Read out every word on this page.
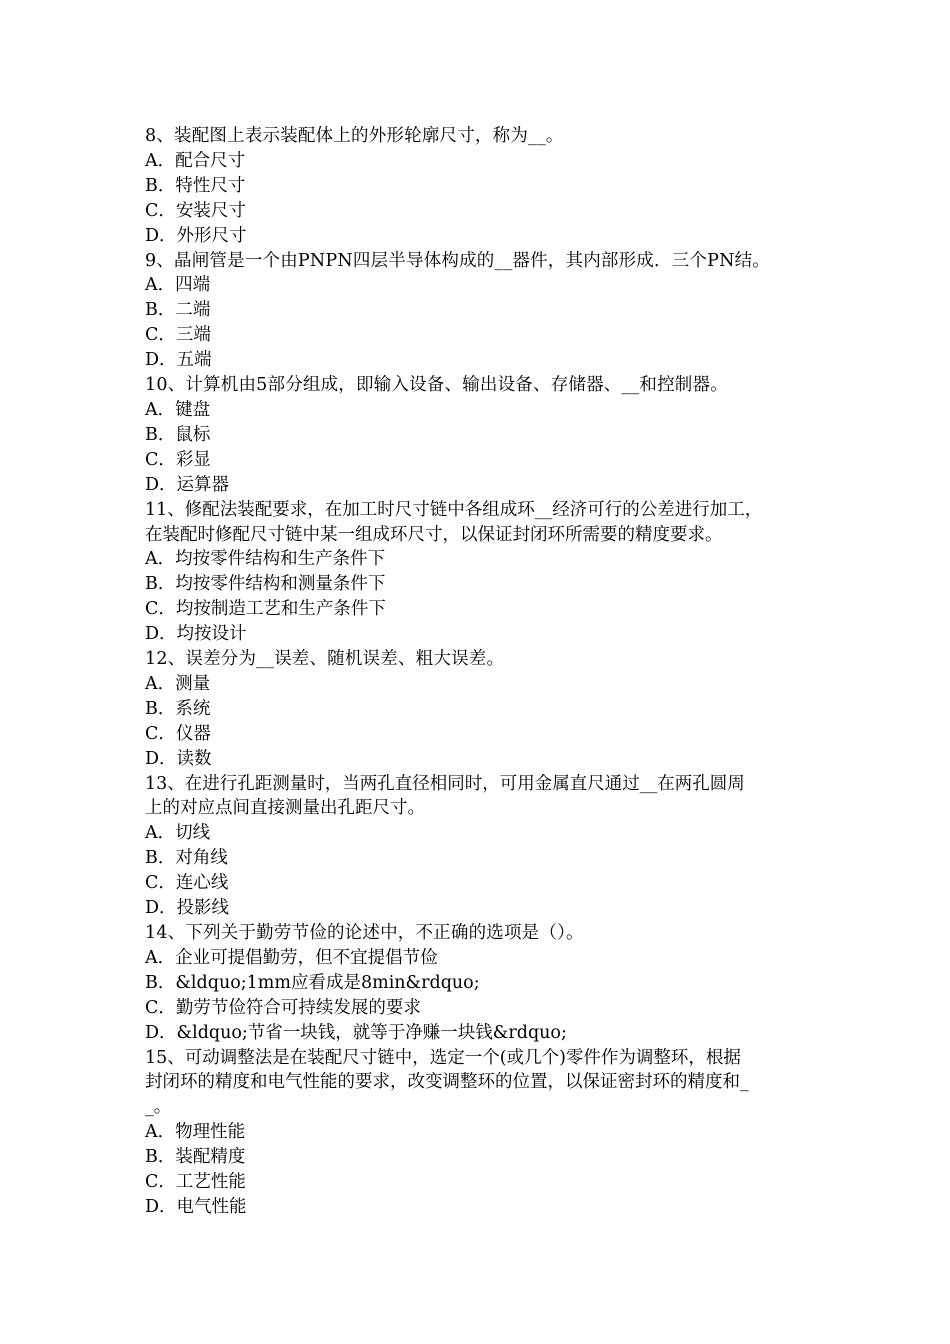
8、装配图上表示装配体上的外形轮廓尺寸，称为__。
A．配合尺寸
B．特性尺寸
C．安装尺寸
D．外形尺寸
9、晶闸管是一个由PNPN四层半导体构成的__器件，其内部形成．三个PN结。
A．四端
B．二端
C．三端
D．五端
10、计算机由5部分组成，即输入设备、输出设备、存储器、__和控制器。
A．键盘
B．鼠标
C．彩显
D．运算器
11、修配法装配要求，在加工时尺寸链中各组成环__经济可行的公差进行加工，
在装配时修配尺寸链中某一组成环尺寸，以保证封闭环所需要的精度要求。
A．均按零件结构和生产条件下
B．均按零件结构和测量条件下
C．均按制造工艺和生产条件下
D．均按设计
12、误差分为__误差、随机误差、粗大误差。
A．测量
B．系统
C．仪器
D．读数
13、在进行孔距测量时，当两孔直径相同时，可用金属直尺通过__在两孔圆周
上的对应点间直接测量出孔距尺寸。
A．切线
B．对角线
C．连心线
D．投影线
14、下列关于勤劳节俭的论述中，不正确的选项是（）。
A．企业可提倡勤劳，但不宜提倡节俭
B．&ldquo;1mm应看成是8min&rdquo;
C．勤劳节俭符合可持续发展的要求
D．&ldquo;节省一块钱，就等于净赚一块钱&rdquo;
15、可动调整法是在装配尺寸链中，选定一个(或几个)零件作为调整环，根据
封闭环的精度和电气性能的要求，改变调整环的位置，以保证密封环的精度和_
_。
A．物理性能
B．装配精度
C．工艺性能
D．电气性能
